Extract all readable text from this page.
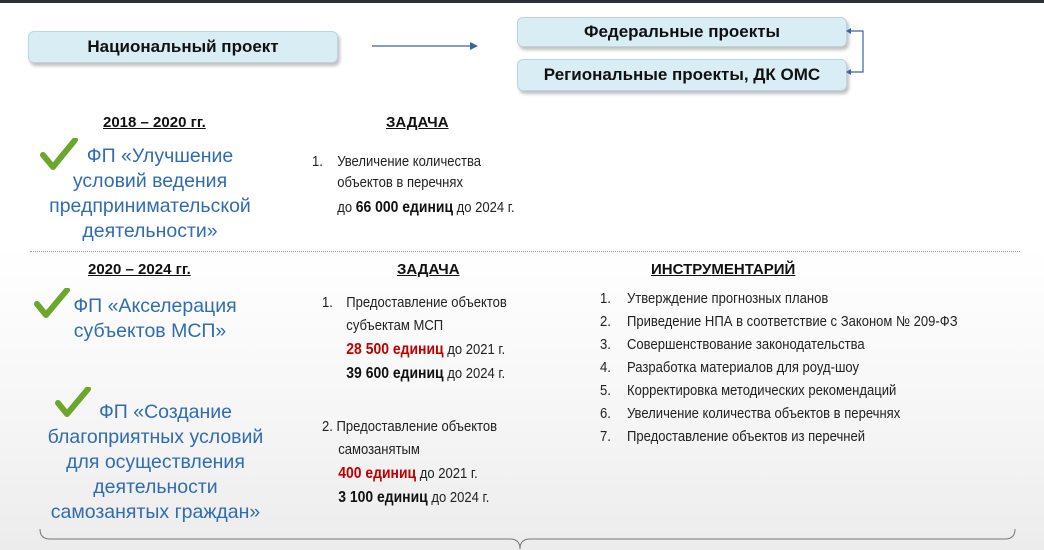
Национальный проект
Федеральные проекты
Региональные проекты, ДК ОМС
2018 – 2020 гг.	ЗАДАЧА
ФП «Улучшение
условий ведения
предпринимательской
деятельности»
1. Увеличение количества
объектов в перечнях
до 66 000 единиц до 2024 г.
2020 – 2024 гг.	ЗАДАЧА	ИНСТРУМЕНТАРИЙ
ФП «Акселерация
субъектов МСП»
ФП «Создание
благоприятных условий
для осуществления
деятельности
самозанятых граждан»
1. Предоставление объектов
субъектам МСП
28 500 единиц до 2021 г.
39 600 единиц до 2024 г.
2. Предоставление объектов
самозанятым
400 единиц до 2021 г.
3 100 единиц до 2024 г.
1. Утверждение прогнозных планов
2. Приведение НПА в соответствие с Законом № 209-ФЗ
3. Совершенствование законодательства
4. Разработка материалов для роуд-шоу
5. Корректировка методических рекомендаций
6. Увеличение количества объектов в перечнях
7. Предоставление объектов из перечней
